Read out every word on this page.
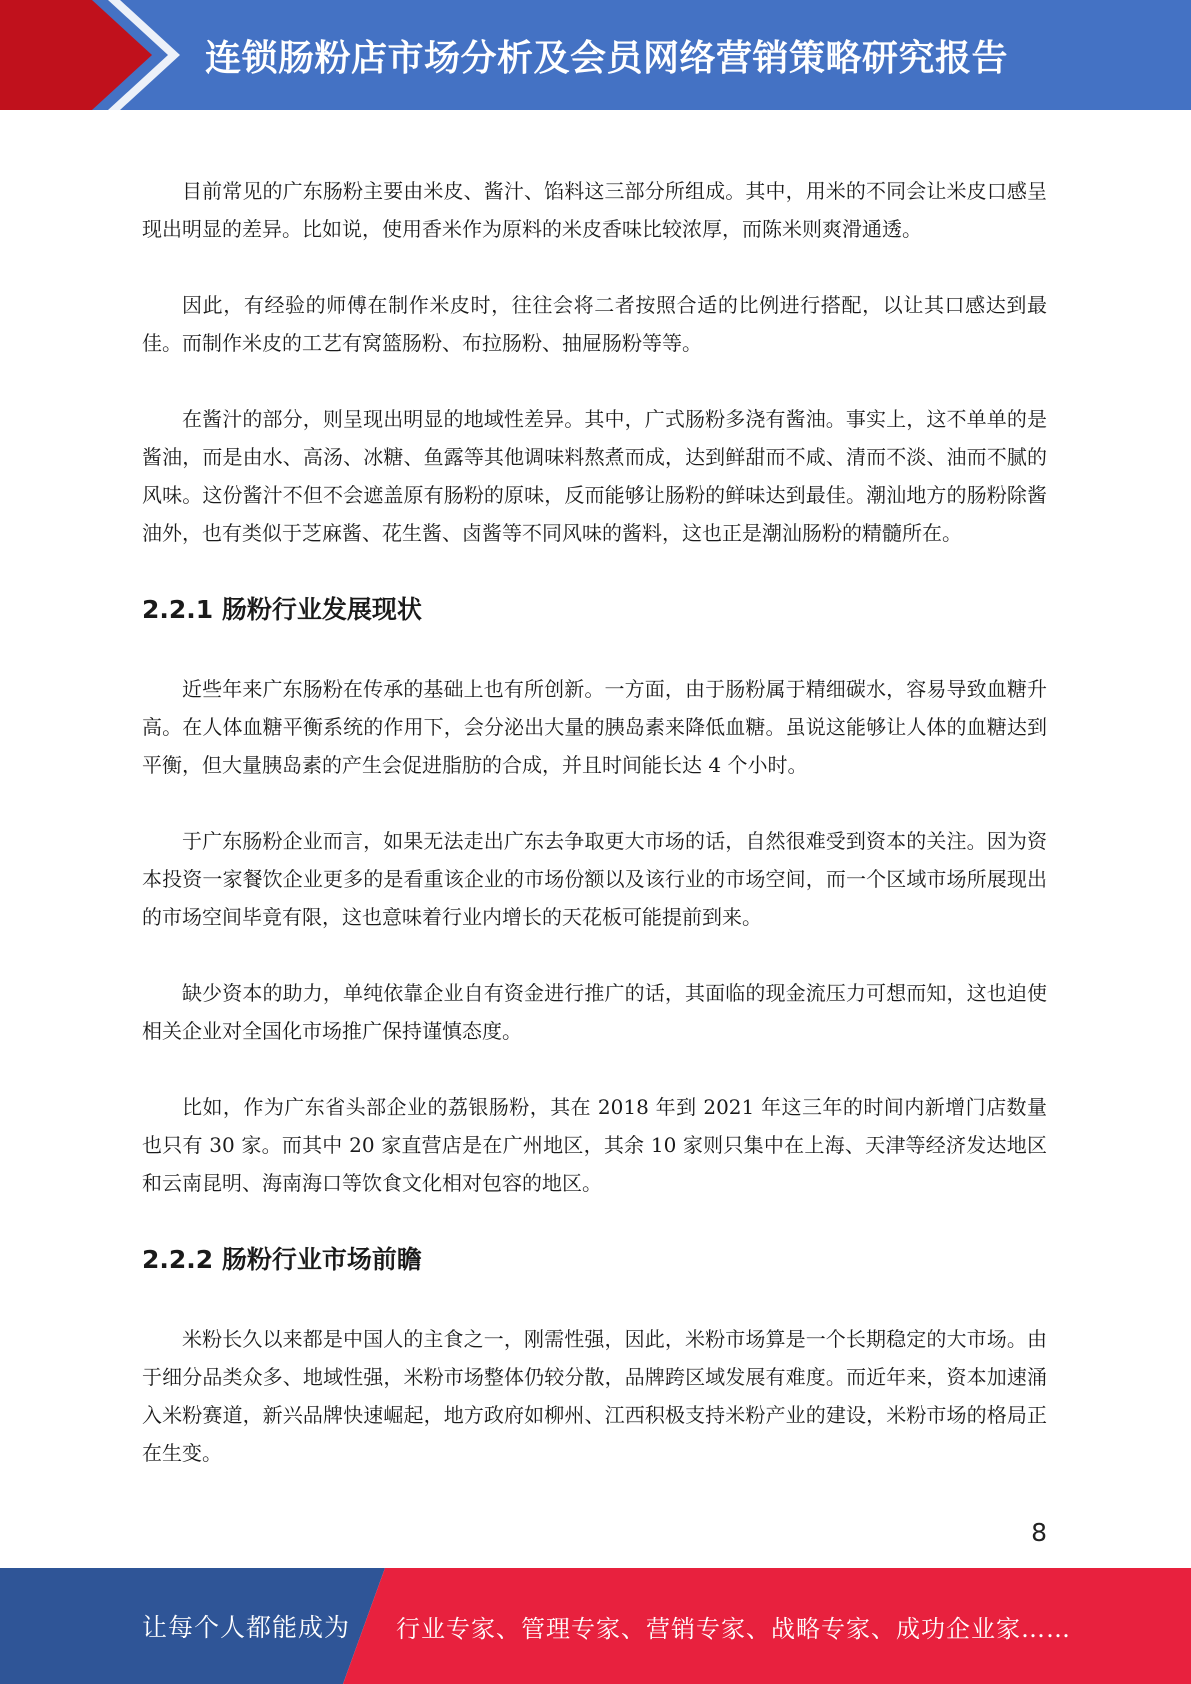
连锁肠粉店市场分析及会员网络营销策略研究报告

目前常见的广东肠粉主要由米皮、酱汁、馅料这三部分所组成。其中，用米的不同会让米皮口感呈现出明显的差异。比如说，使用香米作为原料的米皮香味比较浓厚，而陈米则爽滑通透。

因此，有经验的师傅在制作米皮时，往往会将二者按照合适的比例进行搭配，以让其口感达到最佳。而制作米皮的工艺有窝篮肠粉、布拉肠粉、抽屉肠粉等等。

在酱汁的部分，则呈现出明显的地域性差异。其中，广式肠粉多浇有酱油。事实上，这不单单的是酱油，而是由水、高汤、冰糖、鱼露等其他调味料熬煮而成，达到鲜甜而不咸、清而不淡、油而不腻的风味。这份酱汁不但不会遮盖原有肠粉的原味，反而能够让肠粉的鲜味达到最佳。潮汕地方的肠粉除酱油外，也有类似于芝麻酱、花生酱、卤酱等不同风味的酱料，这也正是潮汕肠粉的精髓所在。

2.2.1 肠粉行业发展现状

近些年来广东肠粉在传承的基础上也有所创新。一方面，由于肠粉属于精细碳水，容易导致血糖升高。在人体血糖平衡系统的作用下，会分泌出大量的胰岛素来降低血糖。虽说这能够让人体的血糖达到平衡，但大量胰岛素的产生会促进脂肪的合成，并且时间能长达 4 个小时。

于广东肠粉企业而言，如果无法走出广东去争取更大市场的话，自然很难受到资本的关注。因为资本投资一家餐饮企业更多的是看重该企业的市场份额以及该行业的市场空间，而一个区域市场所展现出的市场空间毕竟有限，这也意味着行业内增长的天花板可能提前到来。

缺少资本的助力，单纯依靠企业自有资金进行推广的话，其面临的现金流压力可想而知，这也迫使相关企业对全国化市场推广保持谨慎态度。

比如，作为广东省头部企业的荔银肠粉，其在 2018 年到 2021 年这三年的时间内新增门店数量也只有 30 家。而其中 20 家直营店是在广州地区，其余 10 家则只集中在上海、天津等经济发达地区和云南昆明、海南海口等饮食文化相对包容的地区。

2.2.2 肠粉行业市场前瞻

米粉长久以来都是中国人的主食之一，刚需性强，因此，米粉市场算是一个长期稳定的大市场。由于细分品类众多、地域性强，米粉市场整体仍较分散，品牌跨区域发展有难度。而近年来，资本加速涌入米粉赛道，新兴品牌快速崛起，地方政府如柳州、江西积极支持米粉产业的建设，米粉市场的格局正在生变。

8
让每个人都能成为 行业专家、管理专家、营销专家、战略专家、成功企业家……
